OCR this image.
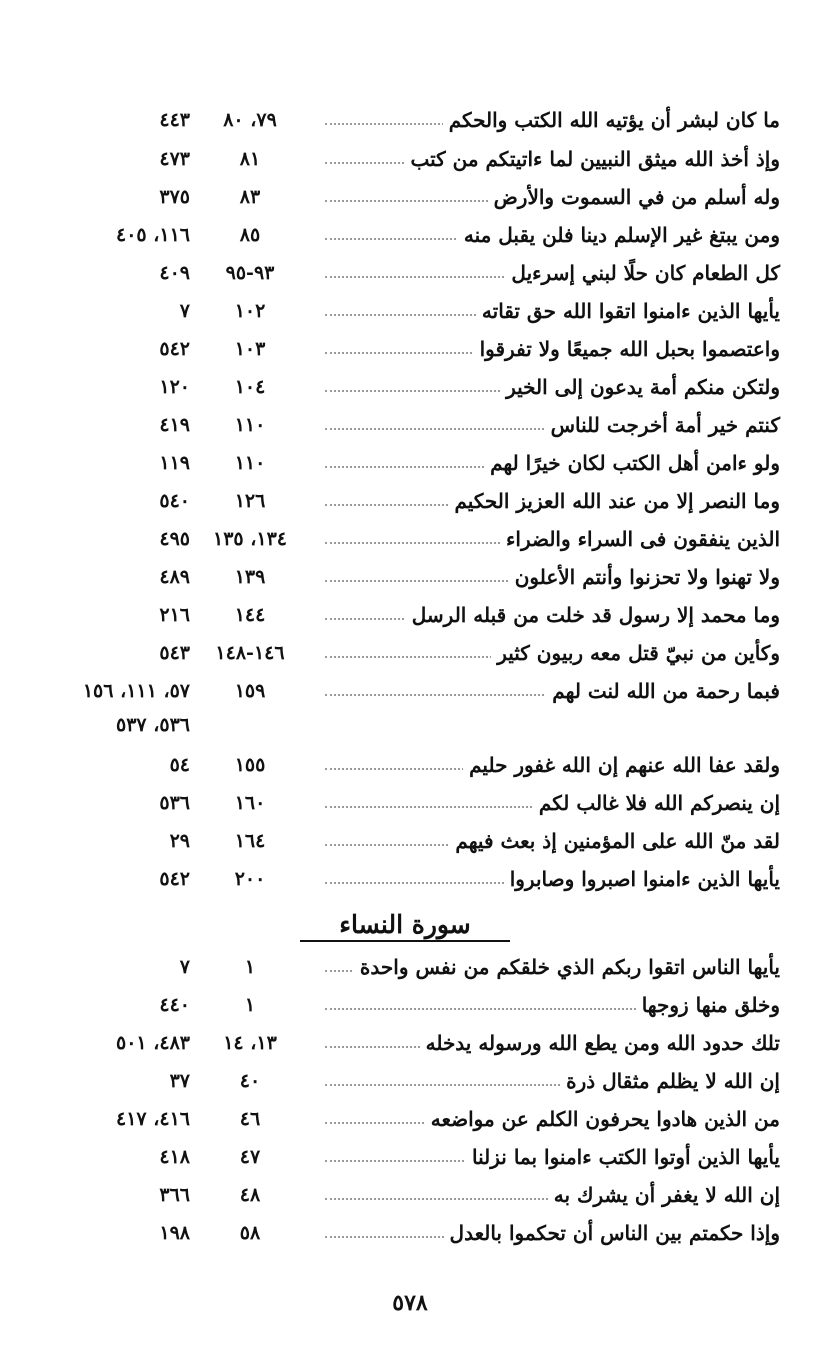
ما كان لبشر أن يؤتيه الله الكتب والحكم
٧٩، ٨٠
٤٤٣
وإذ أخذ الله ميثق النبيين لما ءاتيتكم من كتب
٨١
٤٧٣
وله أسلم من في السموت والأرض
٨٣
٣٧٥
ومن يبتغ غير الإسلم دينا فلن يقبل منه
٨٥
١١٦، ٤٠٥
كل الطعام كان حلًا لبني إسرءيل
٩٣-٩٥
٤٠٩
يأيها الذين ءامنوا اتقوا الله حق تقاته
١٠٢
٧
واعتصموا بحبل الله جميعًا ولا تفرقوا
١٠٣
٥٤٢
ولتكن منكم أمة يدعون إلى الخير
١٠٤
١٢٠
كنتم خير أمة أخرجت للناس
١١٠
٤١٩
ولو ءامن أهل الكتب لكان خيرًا لهم
١١٠
١١٩
وما النصر إلا من عند الله العزيز الحكيم
١٢٦
٥٤٠
الذين ينفقون فى السراء والضراء
١٣٤، ١٣٥
٤٩٥
ولا تهنوا ولا تحزنوا وأنتم الأعلون
١٣٩
٤٨٩
وما محمد إلا رسول قد خلت من قبله الرسل
١٤٤
٢١٦
وكأين من نبيّ قتل معه ربيون كثير
١٤٦-١٤٨
٥٤٣
فبما رحمة من الله لنت لهم
١٥٩
٥٧، ١١١، ١٥٦
٥٣٦، ٥٣٧
ولقد عفا الله عنهم إن الله غفور حليم
١٥٥
٥٤
إن ينصركم الله فلا غالب لكم
١٦٠
٥٣٦
لقد منّ الله على المؤمنين إذ بعث فيهم
١٦٤
٢٩
يأيها الذين ءامنوا اصبروا وصابروا
٢٠٠
٥٤٢
سورة النساء
يأيها الناس اتقوا ربكم الذي خلقكم من نفس واحدة
١
٧
وخلق منها زوجها
١
٤٤٠
تلك حدود الله ومن يطع الله ورسوله يدخله
١٣، ١٤
٤٨٣، ٥٠١
إن الله لا يظلم مثقال ذرة
٤٠
٣٧
من الذين هادوا يحرفون الكلم عن مواضعه
٤٦
٤١٦، ٤١٧
يأيها الذين أوتوا الكتب ءامنوا بما نزلنا
٤٧
٤١٨
إن الله لا يغفر أن يشرك به
٤٨
٣٦٦
وإذا حكمتم بين الناس أن تحكموا بالعدل
٥٨
١٩٨
٥٧٨
